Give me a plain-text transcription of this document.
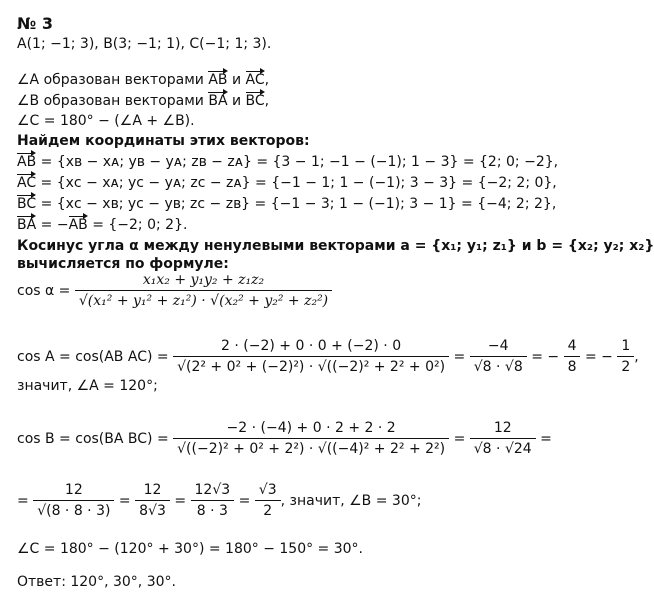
№ 3
A(1; −1; 3), B(3; −1; 1), C(−1; 1; 3).
∠A образован векторами AB и AC,
∠B образован векторами BA и BC,
∠C = 180° − (∠A + ∠B).
Найдем координаты этих векторов:
AB = {xʙ − xᴀ; yʙ − yᴀ; zʙ − zᴀ} = {3 − 1; −1 − (−1); 1 − 3} = {2; 0; −2},
AC = {xᴄ − xᴀ; yᴄ − yᴀ; zᴄ − zᴀ} = {−1 − 1; 1 − (−1); 3 − 3} = {−2; 2; 0},
BC = {xᴄ − xʙ; yᴄ − yʙ; zᴄ − zʙ} = {−1 − 3; 1 − (−1); 3 − 1} = {−4; 2; 2},
BA = −AB = {−2; 0; 2}.
Косинус угла α между ненулевыми векторами a = {x₁; y₁; z₁} и b = {x₂; y₂; x₂}
вычисляется по формуле:
$\cos \alpha = \frac{\text{x₁x₂ + y₁y₂ + z₁z₂}}{\text{√(x₁² + y₁² + z₁²) · √(x₂² + y₂² + z₂²)}}$
cos A = cos(AB $AC) = \frac{2 \cdot (-2) + 0 \cdot 0 + (-2) \cdot 0}{\text{√(2² + 0² + (−2)²) · √((−2)² + 2² + 0²)}} = \frac{-4}{√8 \cdot √8}$ = − $\frac{4}{8}$ = − $\frac{1}{2}$ ,
значит, ∠A = 120°;
cos B = cos(BA $BC) = \frac{-2 \cdot (-4) + 0 \cdot 2 + 2 \cdot 2}{\text{√((−2)² + 0² + 2²) · √((−4)² + 2² + 2²)}} = \frac{12}{√8 \cdot √24}$ =
= $\frac{12}{√(8 \cdot 8 \cdot 3)} = \frac{12}{8√3} = \frac{12√3}{8 \cdot 3} = \frac{√3}{2}$ , значит, ∠B = 30°;
∠C = 180° − (120° + 30°) = 180° − 150° = 30°.
Ответ: 120°, 30°, 30°.
